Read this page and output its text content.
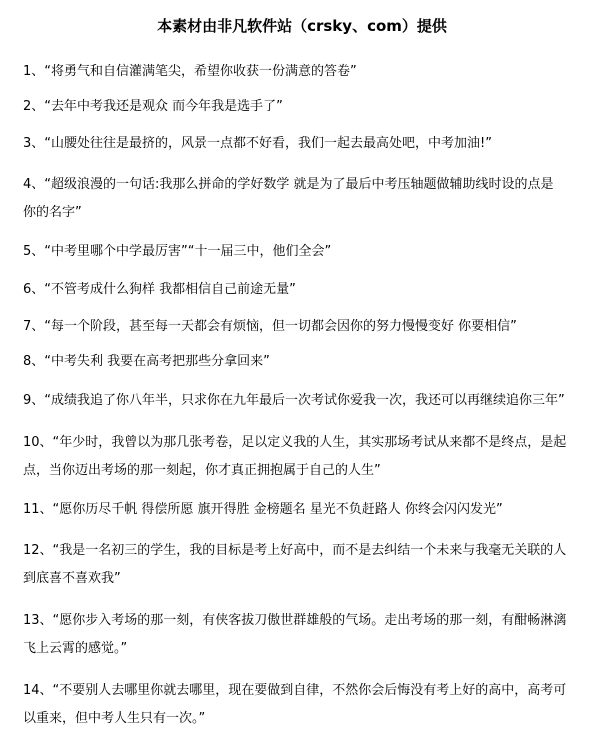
本素材由非凡软件站（crsky、com）提供
1、“将勇气和自信灌满笔尖，希望你收获一份满意的答卷”
2、“去年中考我还是观众 而今年我是选手了”
3、“山腰处往往是最挤的，风景一点都不好看，我们一起去最高处吧，中考加油!”
4、“超级浪漫的一句话:我那么拼命的学好数学 就是为了最后中考压轴题做辅助线时设的点是
你的名字”
5、“中考里哪个中学最厉害”“十一届三中，他们全会”
6、“不管考成什么狗样 我都相信自己前途无量”
7、“每一个阶段，甚至每一天都会有烦恼，但一切都会因你的努力慢慢变好 你要相信”
8、“中考失利 我要在高考把那些分拿回来”
9、“成绩我追了你八年半，只求你在九年最后一次考试你爱我一次，我还可以再继续追你三年”
10、“年少时，我曾以为那几张考卷，足以定义我的人生，其实那场考试从来都不是终点，是起
点，当你迈出考场的那一刻起，你才真正拥抱属于自己的人生”
11、“愿你历尽千帆 得偿所愿 旗开得胜 金榜题名 星光不负赶路人 你终会闪闪发光”
12、“我是一名初三的学生，我的目标是考上好高中，而不是去纠结一个未来与我毫无关联的人
到底喜不喜欢我”
13、“愿你步入考场的那一刻，有侠客拔刀傲世群雄般的气场。走出考场的那一刻，有酣畅淋漓
飞上云霄的感觉。”
14、“不要别人去哪里你就去哪里，现在要做到自律，不然你会后悔没有考上好的高中，高考可
以重来，但中考人生只有一次。”
